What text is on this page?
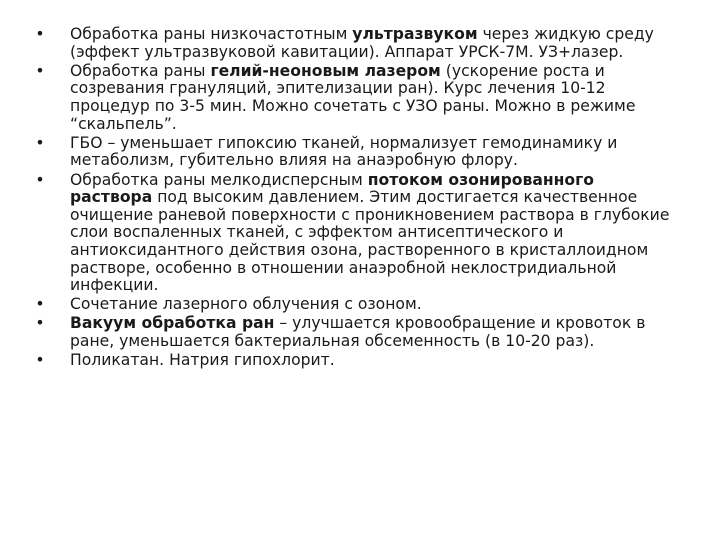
• Обработка раны низкочастотным ультразвуком через жидкую среду (эффект ультразвуковой кавитации). Аппарат УРСК-7М. УЗ+лазер.
• Обработка раны гелий-неоновым лазером (ускорение роста и созревания грануляций, эпителизации ран). Курс лечения 10-12 процедур по 3-5 мин. Можно сочетать с УЗО раны. Можно в режиме “скальпель”.
• ГБО – уменьшает гипоксию тканей, нормализует гемодинамику и метаболизм, губительно влияя на анаэробную флору.
• Обработка раны мелкодисперсным потоком озонированного раствора под высоким давлением. Этим достигается качественное очищение раневой поверхности с проникновением раствора в глубокие слои воспаленных тканей, с эффектом антисептического и антиоксидантного действия озона, растворенного в кристаллоидном растворе, особенно в отношении анаэробной неклостридиальной инфекции.
• Сочетание лазерного облучения с озоном.
• Вакуум обработка ран – улучшается кровообращение и кровоток в ране, уменьшается бактериальная обсеменность (в 10-20 раз).
• Поликатан. Натрия гипохлорит.
